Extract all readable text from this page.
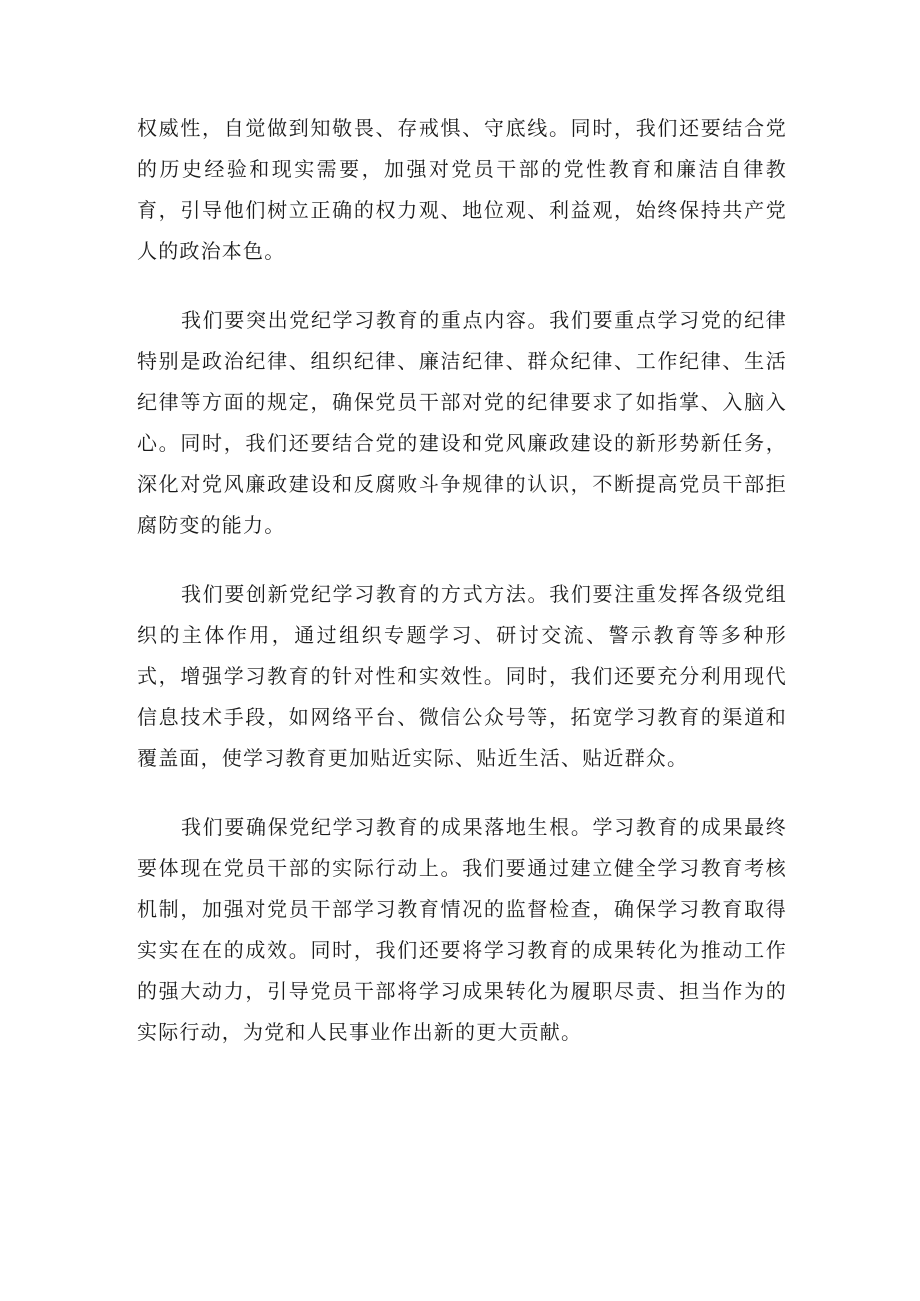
权威性，自觉做到知敬畏、存戒惧、守底线。同时，我们还要结合党的历史经验和现实需要，加强对党员干部的党性教育和廉洁自律教育，引导他们树立正确的权力观、地位观、利益观，始终保持共产党人的政治本色。

我们要突出党纪学习教育的重点内容。我们要重点学习党的纪律特别是政治纪律、组织纪律、廉洁纪律、群众纪律、工作纪律、生活纪律等方面的规定，确保党员干部对党的纪律要求了如指掌、入脑入心。同时，我们还要结合党的建设和党风廉政建设的新形势新任务，深化对党风廉政建设和反腐败斗争规律的认识，不断提高党员干部拒腐防变的能力。

我们要创新党纪学习教育的方式方法。我们要注重发挥各级党组织的主体作用，通过组织专题学习、研讨交流、警示教育等多种形式，增强学习教育的针对性和实效性。同时，我们还要充分利用现代信息技术手段，如网络平台、微信公众号等，拓宽学习教育的渠道和覆盖面，使学习教育更加贴近实际、贴近生活、贴近群众。

我们要确保党纪学习教育的成果落地生根。学习教育的成果最终要体现在党员干部的实际行动上。我们要通过建立健全学习教育考核机制，加强对党员干部学习教育情况的监督检查，确保学习教育取得实实在在的成效。同时，我们还要将学习教育的成果转化为推动工作的强大动力，引导党员干部将学习成果转化为履职尽责、担当作为的实际行动，为党和人民事业作出新的更大贡献。
